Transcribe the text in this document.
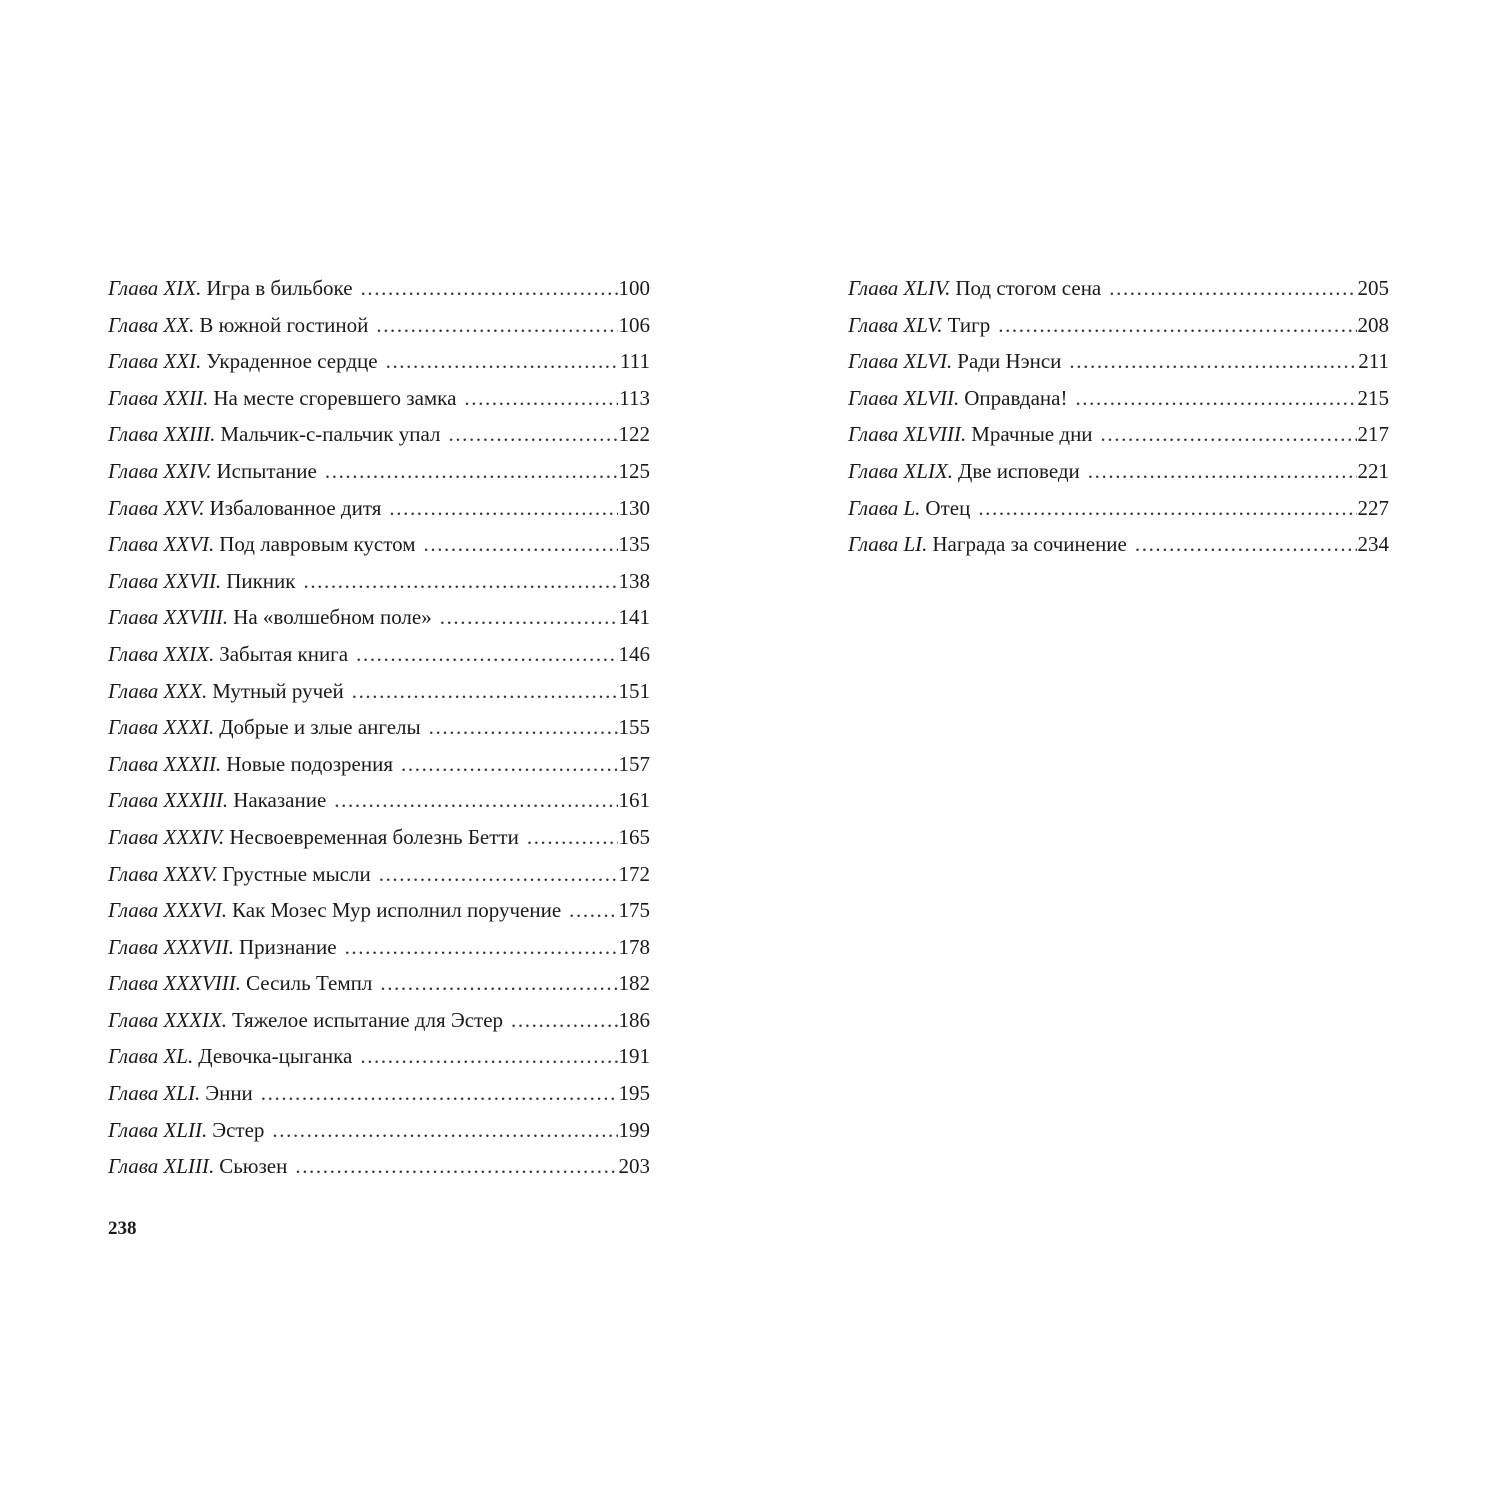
Глава XIX. Игра в бильбоке .....	100
Глава XX. В южной гостиной .....	106
Глава XXI. Украденное сердце .....	111
Глава XXII. На месте сгоревшего замка .....	113
Глава XXIII. Мальчик-с-пальчик упал .....	122
Глава XXIV. Испытание .....	125
Глава XXV. Избалованное дитя .....	130
Глава XXVI. Под лавровым кустом .....	135
Глава XXVII. Пикник .....	138
Глава XXVIII. На «волшебном поле» .....	141
Глава XXIX. Забытая книга .....	146
Глава XXX. Мутный ручей .....	151
Глава XXXI. Добрые и злые ангелы .....	155
Глава XXXII. Новые подозрения .....	157
Глава XXXIII. Наказание .....	161
Глава XXXIV. Несвоевременная болезнь Бетти .....	165
Глава XXXV. Грустные мысли .....	172
Глава XXXVI. Как Мозес Мур исполнил поручение .....	175
Глава XXXVII. Признание .....	178
Глава XXXVIII. Сесиль Темпл .....	182
Глава XXXIX. Тяжелое испытание для Эстер .....	186
Глава XL. Девочка-цыганка .....	191
Глава XLI. Энни .....	195
Глава XLII. Эстер .....	199
Глава XLIII. Сьюзен .....	203
Глава XLIV. Под стогом сена .....	205
Глава XLV. Тигр .....	208
Глава XLVI. Ради Нэнси .....	211
Глава XLVII. Оправдана! .....	215
Глава XLVIII. Мрачные дни .....	217
Глава XLIX. Две исповеди .....	221
Глава L. Отец .....	227
Глава LI. Награда за сочинение .....	234
238
